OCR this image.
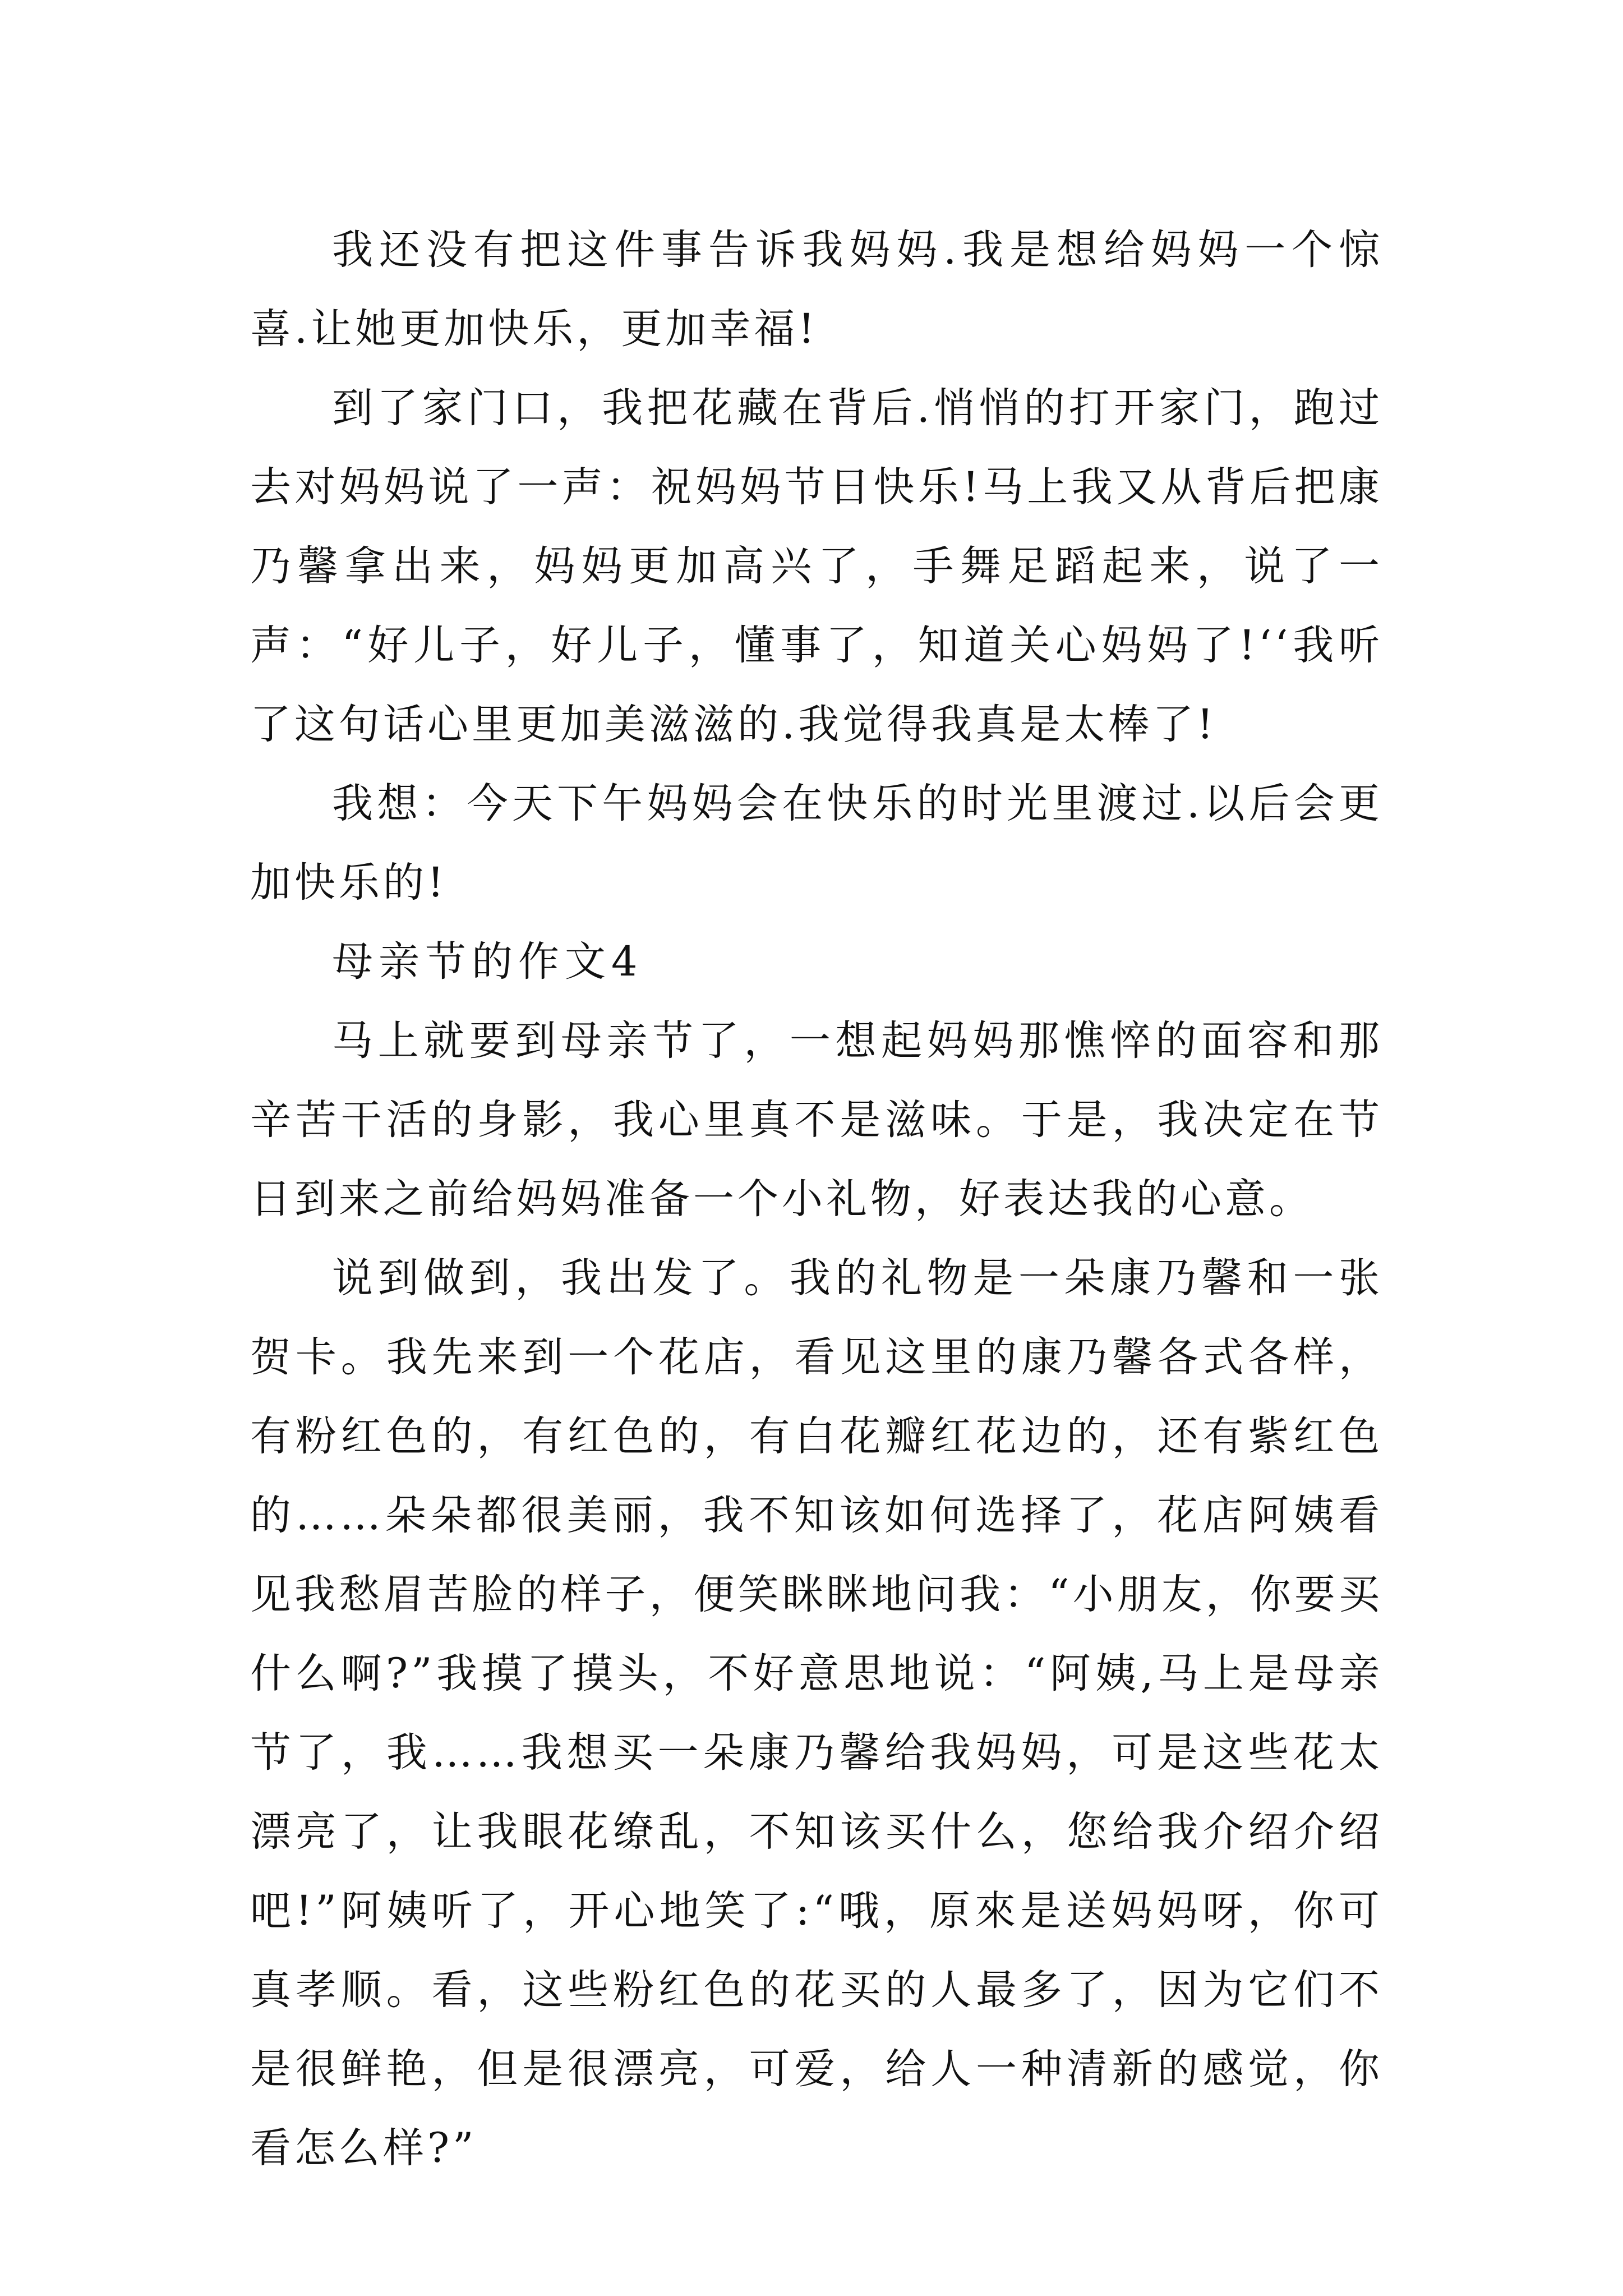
我还没有把这件事告诉我妈妈.我是想给妈妈一个惊喜.让她更加快乐，更加幸福!

到了家门口，我把花藏在背后.悄悄的打开家门，跑过去对妈妈说了一声：祝妈妈节日快乐!马上我又从背后把康乃馨拿出来，妈妈更加高兴了，手舞足蹈起来，说了一声：“好儿子，好儿子，懂事了，知道关心妈妈了!‘‘我听了这句话心里更加美滋滋的.我觉得我真是太棒了!

我想：今天下午妈妈会在快乐的时光里渡过.以后会更加快乐的!

母亲节的作文4

马上就要到母亲节了，一想起妈妈那憔悴的面容和那辛苦干活的身影，我心里真不是滋味。于是，我决定在节日到来之前给妈妈准备一个小礼物，好表达我的心意。

说到做到，我出发了。我的礼物是一朵康乃馨和一张贺卡。我先来到一个花店，看见这里的康乃馨各式各样，有粉红色的，有红色的，有白花瓣红花边的，还有紫红色的……朵朵都很美丽，我不知该如何选择了，花店阿姨看见我愁眉苦脸的样子，便笑眯眯地问我：“小朋友，你要买什么啊?”我摸了摸头，不好意思地说：“阿姨,马上是母亲节了，我……我想买一朵康乃馨给我妈妈，可是这些花太漂亮了，让我眼花缭乱，不知该买什么，您给我介绍介绍吧!”阿姨听了，开心地笑了:“哦，原來是送妈妈呀，你可真孝顺。看，这些粉红色的花买的人最多了，因为它们不是很鲜艳，但是很漂亮，可爱，给人一种清新的感觉，你看怎么样?”
